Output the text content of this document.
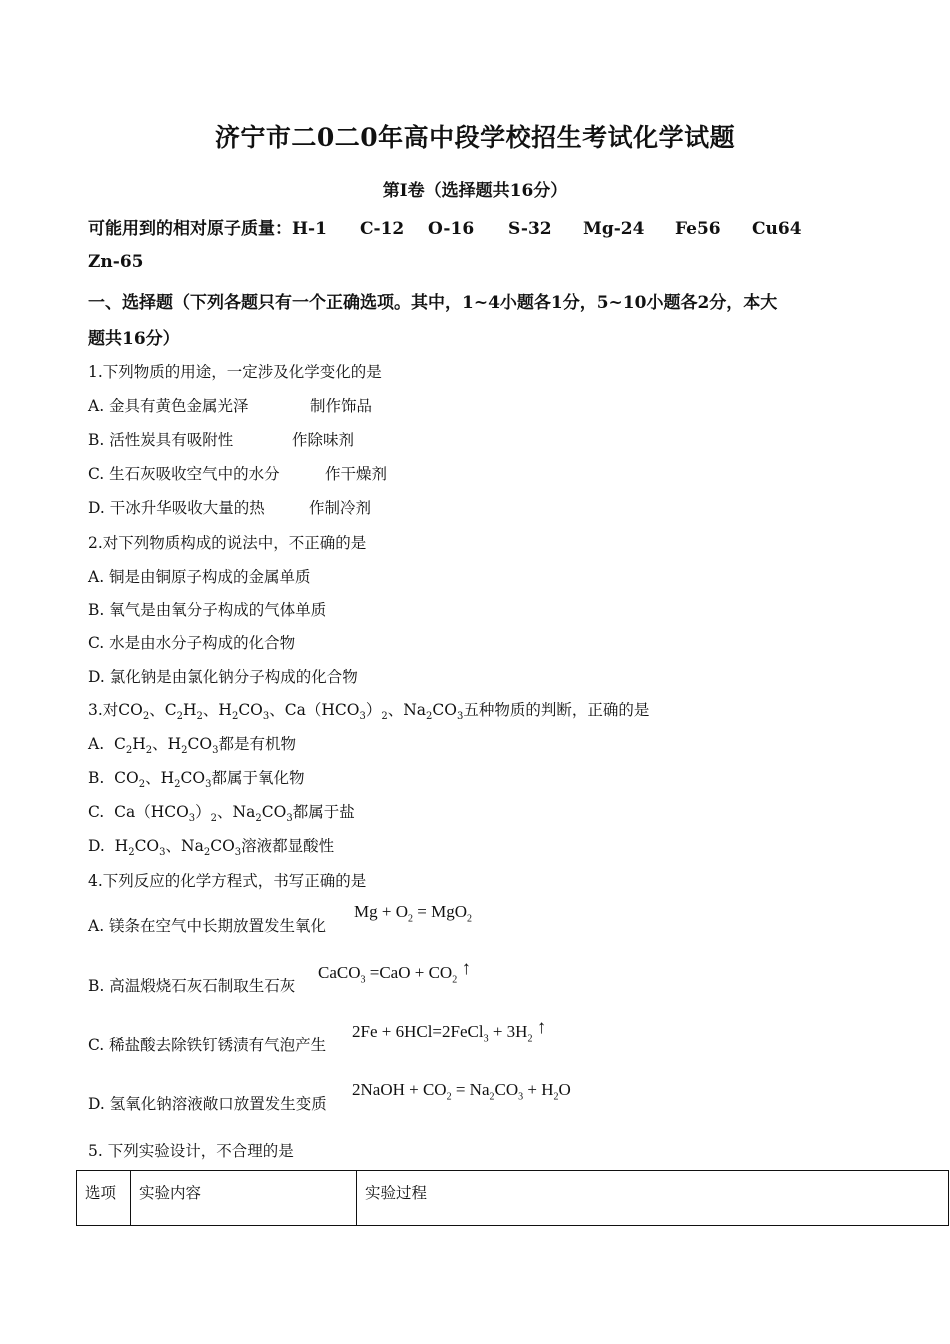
济宁市二0二0年高中段学校招生考试化学试题
第I卷（选择题共16分）
可能用到的相对原子质量：H-1 C-12 O-16 S-32 Mg-24 Fe56 Cu64
Zn-65
一、选择题（下列各题只有一个正确选项。其中，1~4小题各1分，5~10小题各2分，本大
题共16分）
1.下列物质的用途，一定涉及化学变化的是
A. 金具有黄色金属光泽	制作饰品
B. 活性炭具有吸附性	作除味剂
C. 生石灰吸收空气中的水分	作干燥剂
D. 干冰升华吸收大量的热	作制冷剂
2.对下列物质构成的说法中，不正确的是
A. 铜是由铜原子构成的金属单质
B. 氧气是由氧分子构成的气体单质
C. 水是由水分子构成的化合物
D. 氯化钠是由氯化钠分子构成的化合物
3.对$CO_2$、$C_2H_2$、$H_2CO_3$、$Ca(HCO_3)_2$、$Na_2CO_3$五种物质的判断，正确的是
A.  $C_2H_2$、$H_2CO_3$都是有机物
B.  $CO_2$、$H_2CO_3$都属于氧化物
C.  $Ca(HCO_3)_2$、$Na_2CO_3$都属于盐
D.  $H_2CO_3$、$Na_2CO_3$溶液都显酸性
4.下列反应的化学方程式，书写正确的是
A. 镁条在空气中长期放置发生氧化
$Mg + O_2 = MgO_2$
B. 高温煅烧石灰石制取生石灰
CaCO$_3$ $=CaO + CO_2$ ↑
C. 稀盐酸去除铁钉锈渍有气泡产生
2Fe + 6HCl=2FeCl$_3$ + $3H_2$ ↑
D. 氢氧化钠溶液敞口放置发生变质
2NaOH + $CO_2 = Na_2CO_3 + H_2O$
5. 下列实验设计，不合理的是
选项	实验内容	实验过程
